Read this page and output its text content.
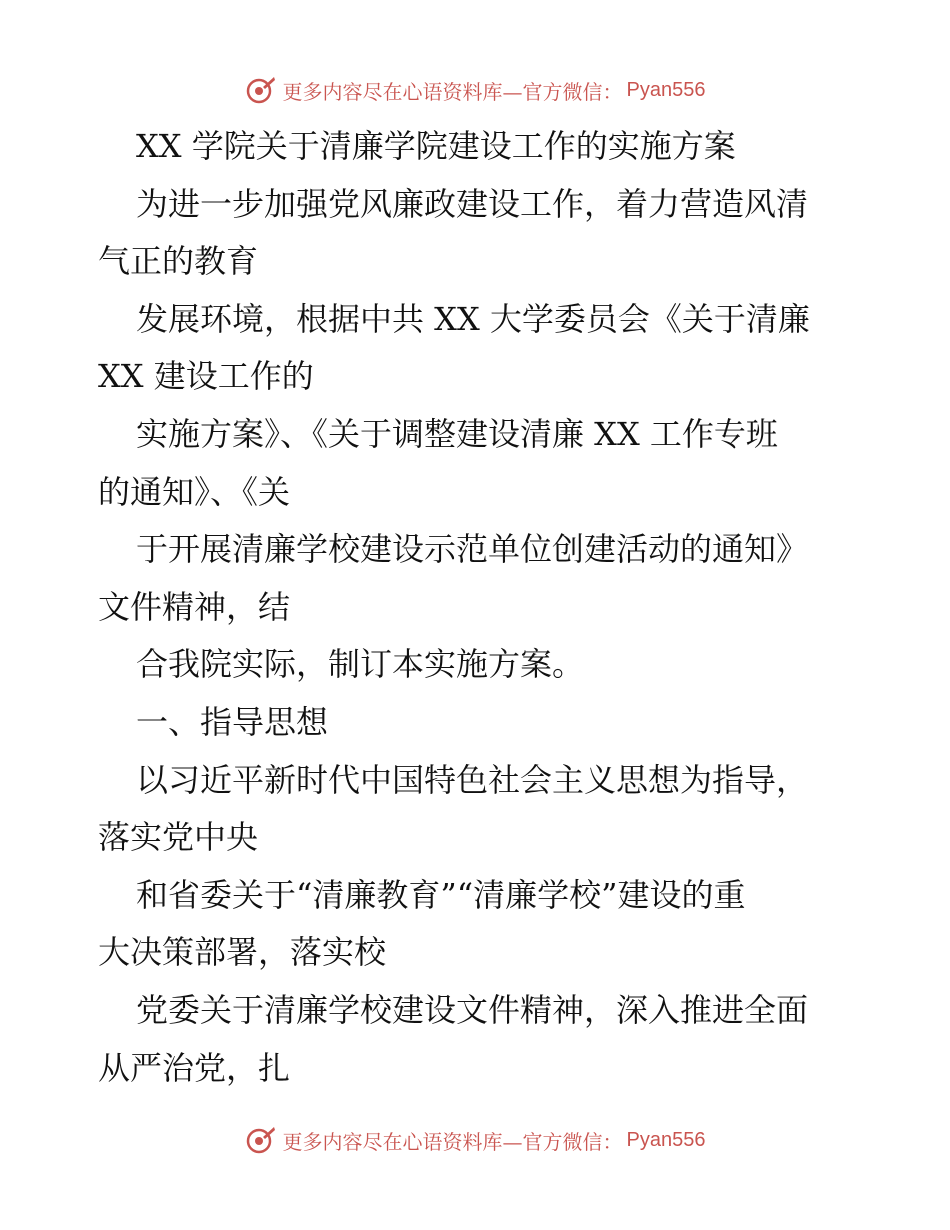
更多内容尽在心语资料库—官方微信： Pyan556
XX 学院关于清廉学院建设工作的实施方案
为进一步加强党风廉政建设工作，着力营造风清
气正的教育
发展环境，根据中共 XX 大学委员会《关于清廉
XX 建设工作的
实施方案》、《关于调整建设清廉 XX 工作专班
的通知》、《关
于开展清廉学校建设示范单位创建活动的通知》
文件精神，结
合我院实际，制订本实施方案。
一、指导思想
以习近平新时代中国特色社会主义思想为指导，
落实党中央
和省委关于“清廉教育”“清廉学校”建设的重
大决策部署，落实校
党委关于清廉学校建设文件精神，深入推进全面
从严治党，扎
更多内容尽在心语资料库—官方微信： Pyan556
